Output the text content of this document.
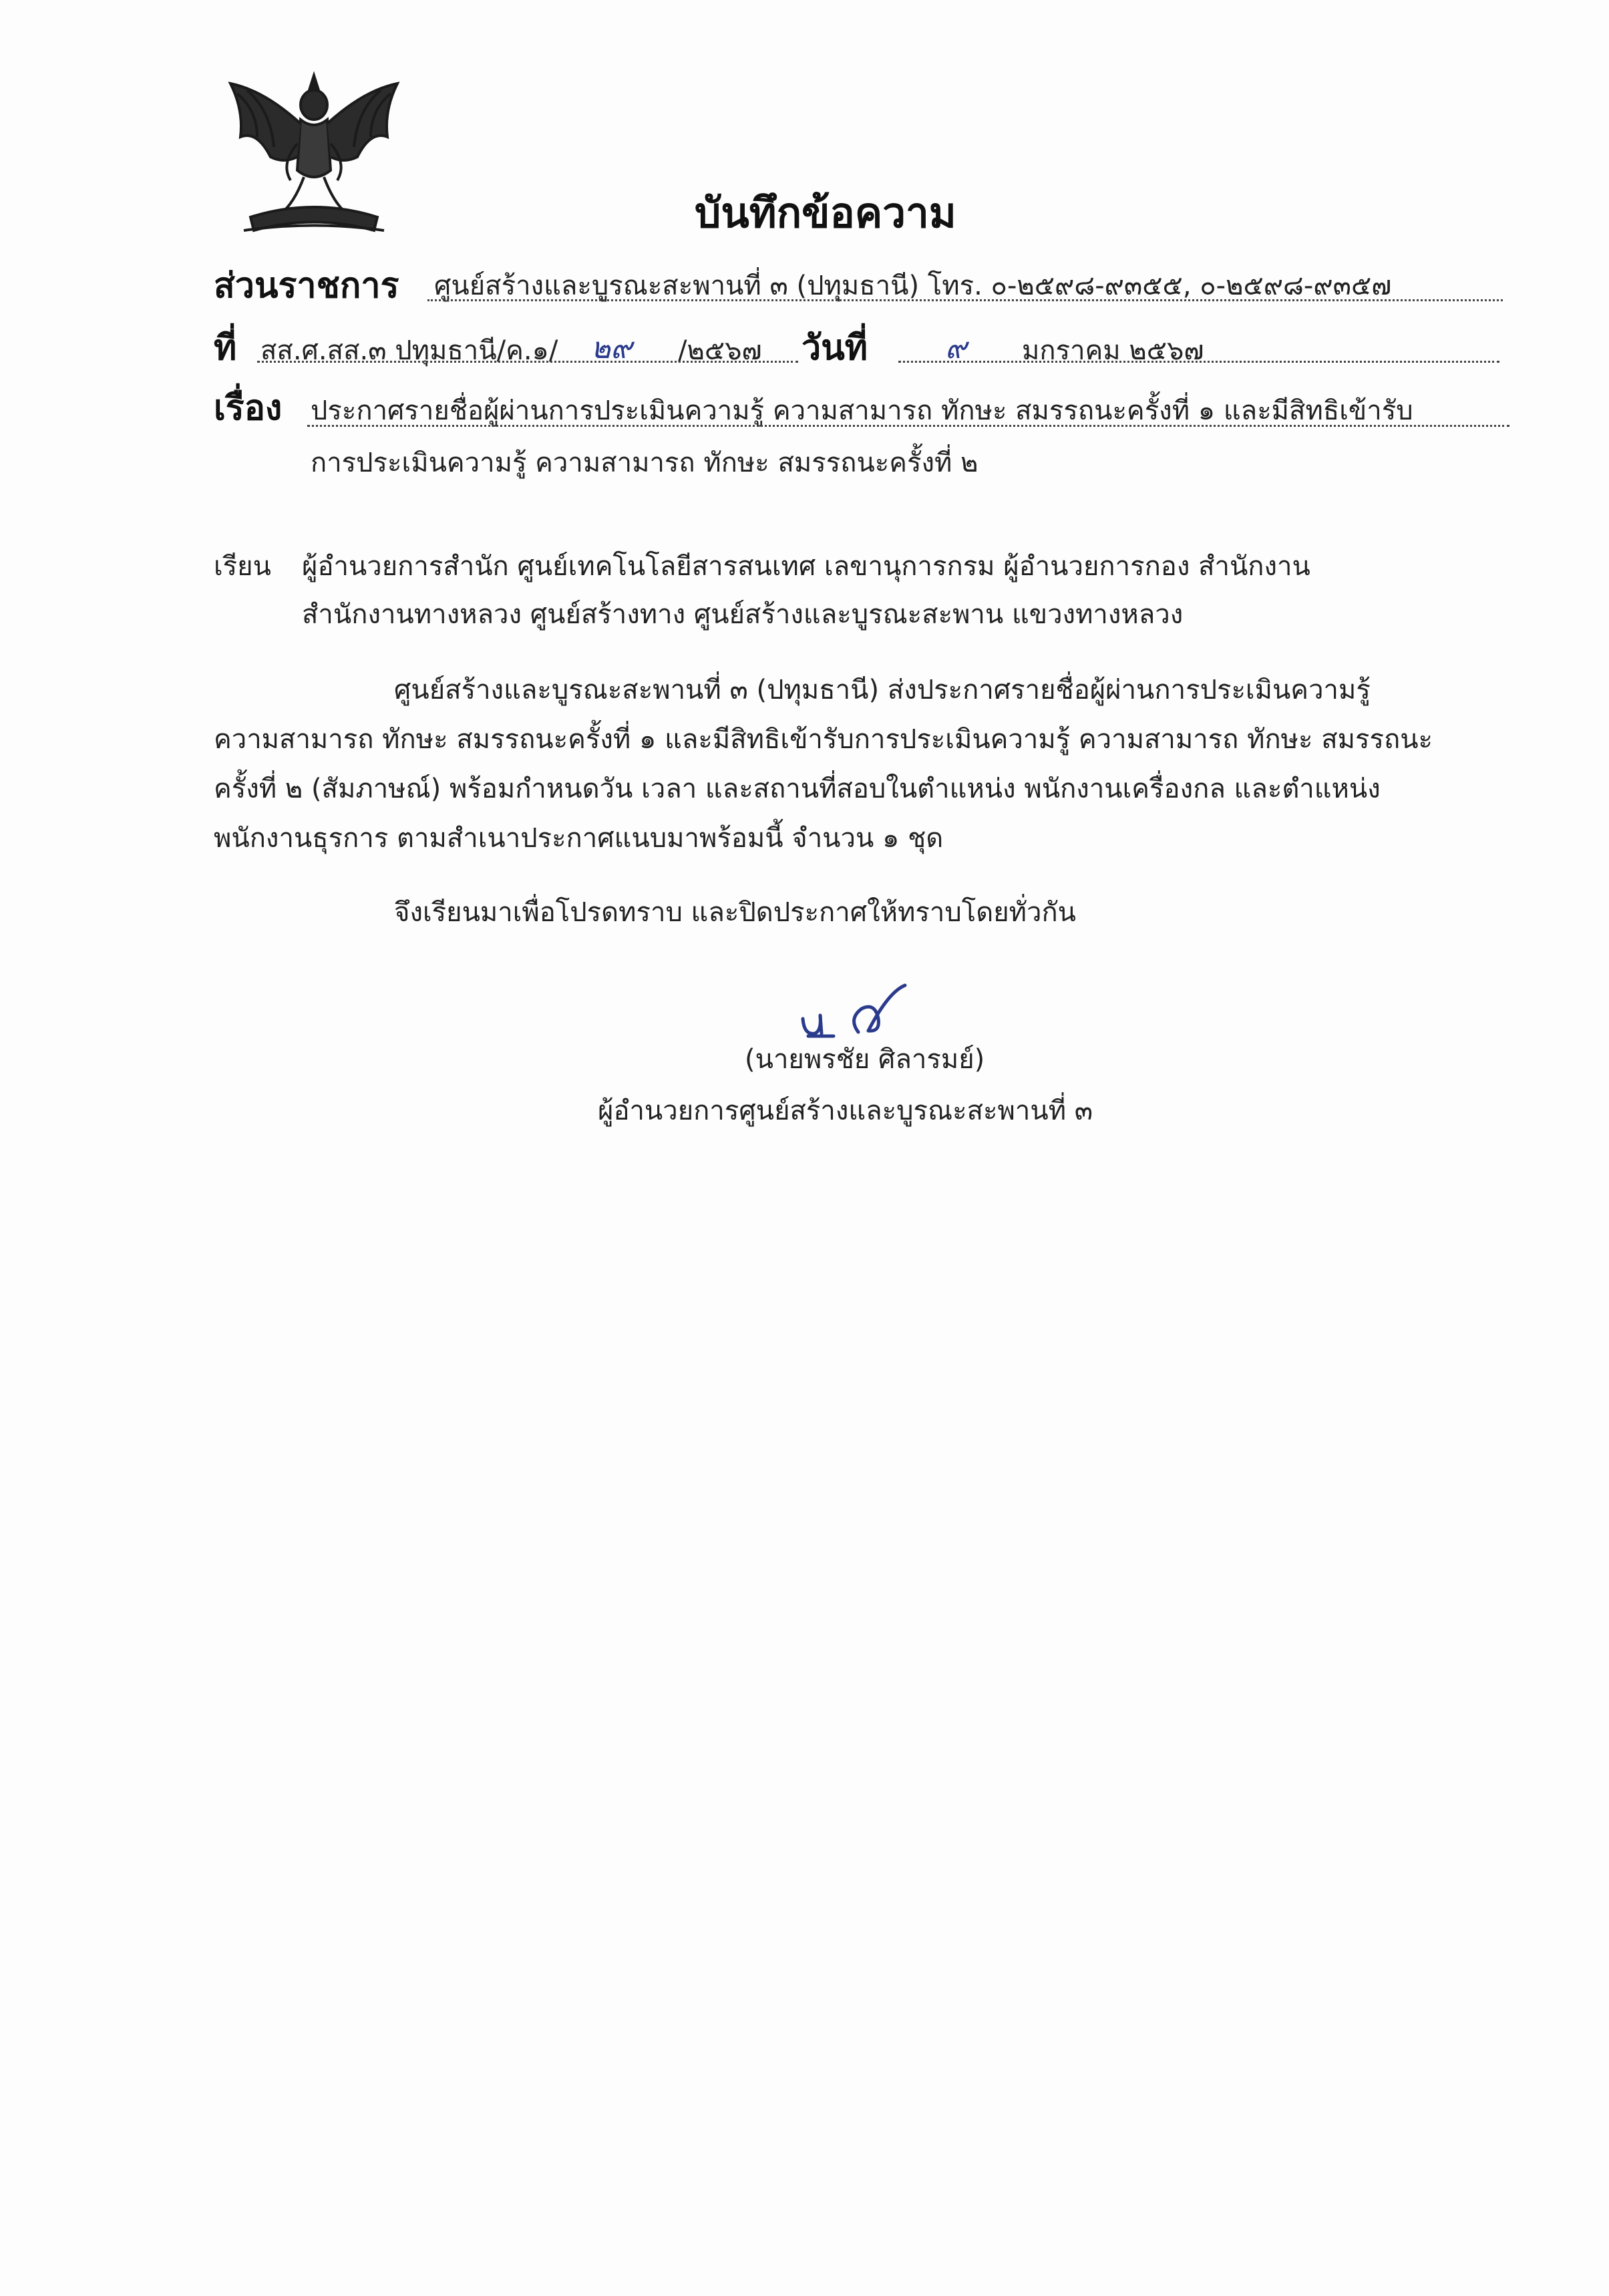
บันทึกข้อความ
ส่วนราชการ ศูนย์สร้างและบูรณะสะพานที่ ๓ (ปทุมธานี) โทร. ๐-๒๕๙๘-๙๓๕๕, ๐-๒๕๙๘-๙๓๕๗
ที่ สส.ศ.สส.๓ ปทุมธานี/ค.๑/ ๒๙ /๒๕๖๗ วันที่	๙ มกราคม ๒๕๖๗
เรื่อง ประกาศรายชื่อผู้ผ่านการประเมินความรู้ ความสามารถ ทักษะ สมรรถนะครั้งที่ ๑ และมีสิทธิเข้ารับ
การประเมินความรู้ ความสามารถ ทักษะ สมรรถนะครั้งที่ ๒
เรียน ผู้อำนวยการสำนัก ศูนย์เทคโนโลยีสารสนเทศ เลขานุการกรม ผู้อำนวยการกอง สำนักงาน
สำนักงานทางหลวง ศูนย์สร้างทาง ศูนย์สร้างและบูรณะสะพาน แขวงทางหลวง
ศูนย์สร้างและบูรณะสะพานที่ ๓ (ปทุมธานี) ส่งประกาศรายชื่อผู้ผ่านการประเมินความรู้
ความสามารถ ทักษะ สมรรถนะครั้งที่ ๑ และมีสิทธิเข้ารับการประเมินความรู้ ความสามารถ ทักษะ สมรรถนะ
ครั้งที่ ๒ (สัมภาษณ์) พร้อมกำหนดวัน เวลา และสถานที่สอบในตำแหน่ง พนักงานเครื่องกล และตำแหน่ง
พนักงานธุรการ ตามสำเนาประกาศแนบมาพร้อมนี้ จำนวน ๑ ชุด
จึงเรียนมาเพื่อโปรดทราบ และปิดประกาศให้ทราบโดยทั่วกัน
(นายพรชัย ศิลารมย์)
ผู้อำนวยการศูนย์สร้างและบูรณะสะพานที่ ๓
